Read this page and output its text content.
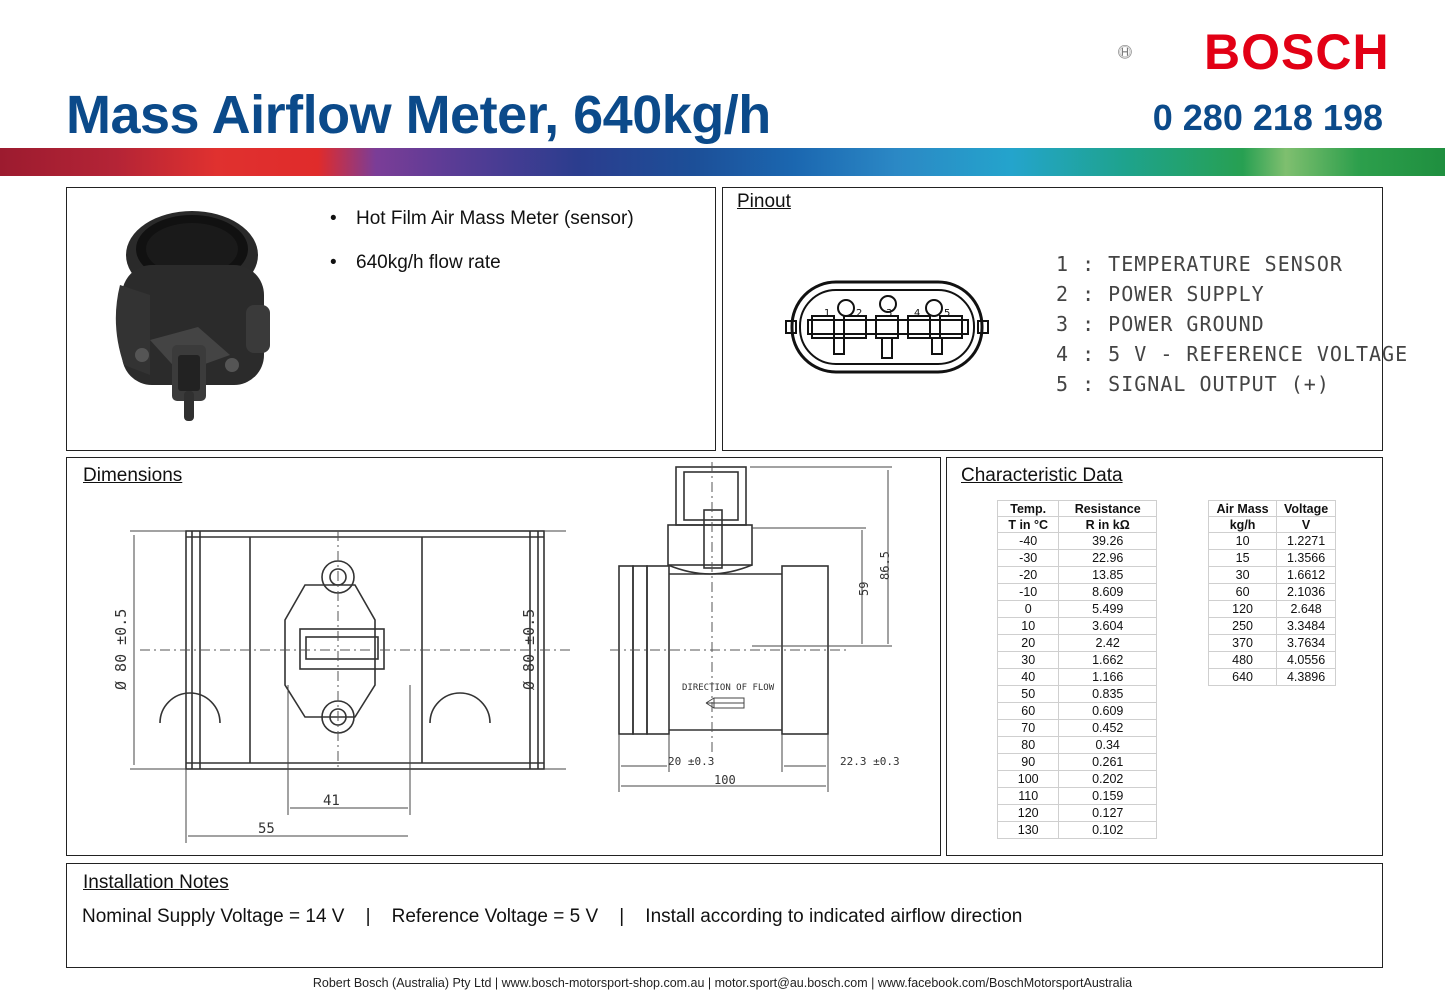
Mass Airflow Meter, 640kg/h
BOSCH
0 280 218 198
• Hot Film Air Mass Meter (sensor)
• 640kg/h flow rate
Pinout
1	2 3 4 5
1 : TEMPERATURE SENSOR
2 : POWER SUPPLY
3 : POWER GROUND
4 : 5 V - REFERENCE VOLTAGE
5 : SIGNAL OUTPUT (+)
Dimensions
Ø 80 ±0.5	Ø 80 ±0.5
41
55
DIRECTION OF FLOW
59
86.5
20 ±0.3	22.3 ±0.3
100
Characteristic Data
Temp.	Resistance
T in °C	R in kΩ
-40	39.26
-30	22.96
-20	13.85
-10	8.609
0	5.499
10	3.604
20	2.42
30	1.662
40	1.166
50	0.835
60	0.609
70	0.452
80	0.34
90	0.261
100	0.202
110	0.159
120	0.127
130	0.102
Air Mass	Voltage
kg/h	V
10	1.2271
15	1.3566
30	1.6612
60	2.1036
120	2.648
250	3.3484
370	3.7634
480	4.0556
640	4.3896
Installation Notes
Nominal Supply Voltage = 14 V    |    Reference Voltage = 5 V    |    Install according to indicated airflow direction
Robert Bosch (Australia) Pty Ltd | www.bosch-motorsport-shop.com.au | motor.sport@au.bosch.com | www.facebook.com/BoschMotorsportAustralia
